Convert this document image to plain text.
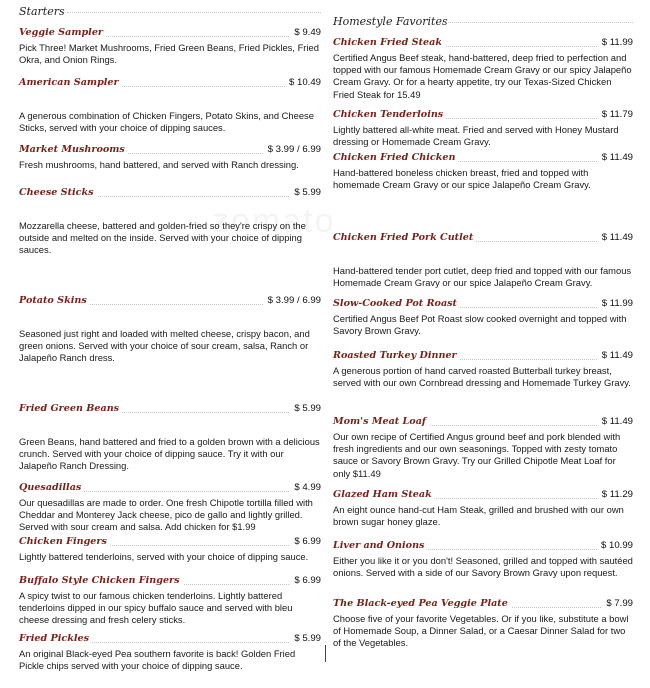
Starters
Veggie Sampler	$ 9.49

Pick Three! Market Mushrooms, Fried Green Beans, Fried Pickles, Fried Okra, and Onion Rings.

American Sampler	$ 10.49

A generous combination of Chicken Fingers, Potato Skins, and Cheese Sticks, served with your choice of dipping sauces.

Market Mushrooms	$ 3.99 / 6.99

Fresh mushrooms, hand battered, and served with Ranch dressing.

Cheese Sticks	$ 5.99

Mozzarella cheese, battered and golden-fried so they're crispy on the outside and melted on the inside. Served with your choice of dipping sauces.

Potato Skins	$ 3.99 / 6.99

Seasoned just right and loaded with melted cheese, crispy bacon, and green onions. Served with your choice of sour cream, salsa, Ranch or Jalapeño Ranch dress.

Fried Green Beans	$ 5.99

Green Beans, hand battered and fried to a golden brown with a delicious crunch. Served with your choice of dipping sauce. Try it with our Jalapeño Ranch Dressing.

Quesadillas	$ 4.99

Our quesadillas are made to order. One fresh Chipotle tortilla filled with Cheddar and Monterey Jack cheese, pico de gallo and lightly grilled. Served with sour cream and salsa. Add chicken for $1.99

Chicken Fingers	$ 6.99

Lightly battered tenderloins, served with your choice of dipping sauce.

Buffalo Style Chicken Fingers	$ 6.99

A spicy twist to our famous chicken tenderloins. Lightly battered tenderloins dipped in our spicy buffalo sauce and served with bleu cheese dressing and fresh celery sticks.

Fried Pickles	$ 5.99

An original Black-eyed Pea southern favorite is back! Golden Fried Pickle chips served with your choice of dipping sauce.

Homestyle Favorites
Chicken Fried Steak	$ 11.99

Certified Angus Beef steak, hand-battered, deep fried to perfection and topped with our famous Homemade Cream Gravy or our spicy Jalapeño Cream Gravy. Or for a hearty appetite, try our Texas-Sized Chicken Fried Steak for 15.49

Chicken Tenderloins	$ 11.79

Lightly battered all-white meat. Fried and served with Honey Mustard dressing or Homemade Cream Gravy.

Chicken Fried Chicken	$ 11.49

Hand-battered boneless chicken breast, fried and topped with homemade Cream Gravy or our spice Jalapeño Cream Gravy.

Chicken Fried Pork Cutlet	$ 11.49

Hand-battered tender port cutlet, deep fried and topped with our famous Homemade Cream Gravy or our spice Jalapeño Cream Gravy.

Slow-Cooked Pot Roast	$ 11.99

Certified Angus Beef Pot Roast slow cooked overnight and topped with Savory Brown Gravy.

Roasted Turkey Dinner	$ 11.49

A generous portion of hand carved roasted Butterball turkey breast, served with our own Cornbread dressing and Homemade Turkey Gravy.

Mom's Meat Loaf	$ 11.49

Our own recipe of Certified Angus ground beef and pork blended with fresh ingredients and our own seasonings. Topped with zesty tomato sauce or Savory Brown Gravy. Try our Grilled Chipotle Meat Loaf for only $11.49

Glazed Ham Steak	$ 11.29

An eight ounce hand-cut Ham Steak, grilled and brushed with our own brown sugar honey glaze.

Liver and Onions	$ 10.99

Either you like it or you don't! Seasoned, grilled and topped with sautéed onions. Served with a side of our Savory Brown Gravy upon request.

The Black-eyed Pea Veggie Plate	$ 7.99

Choose five of your favorite Vegetables. Or if you like, substitute a bowl of Homemade Soup, a Dinner Salad, or a Caesar Dinner Salad for two of the Vegetables.
